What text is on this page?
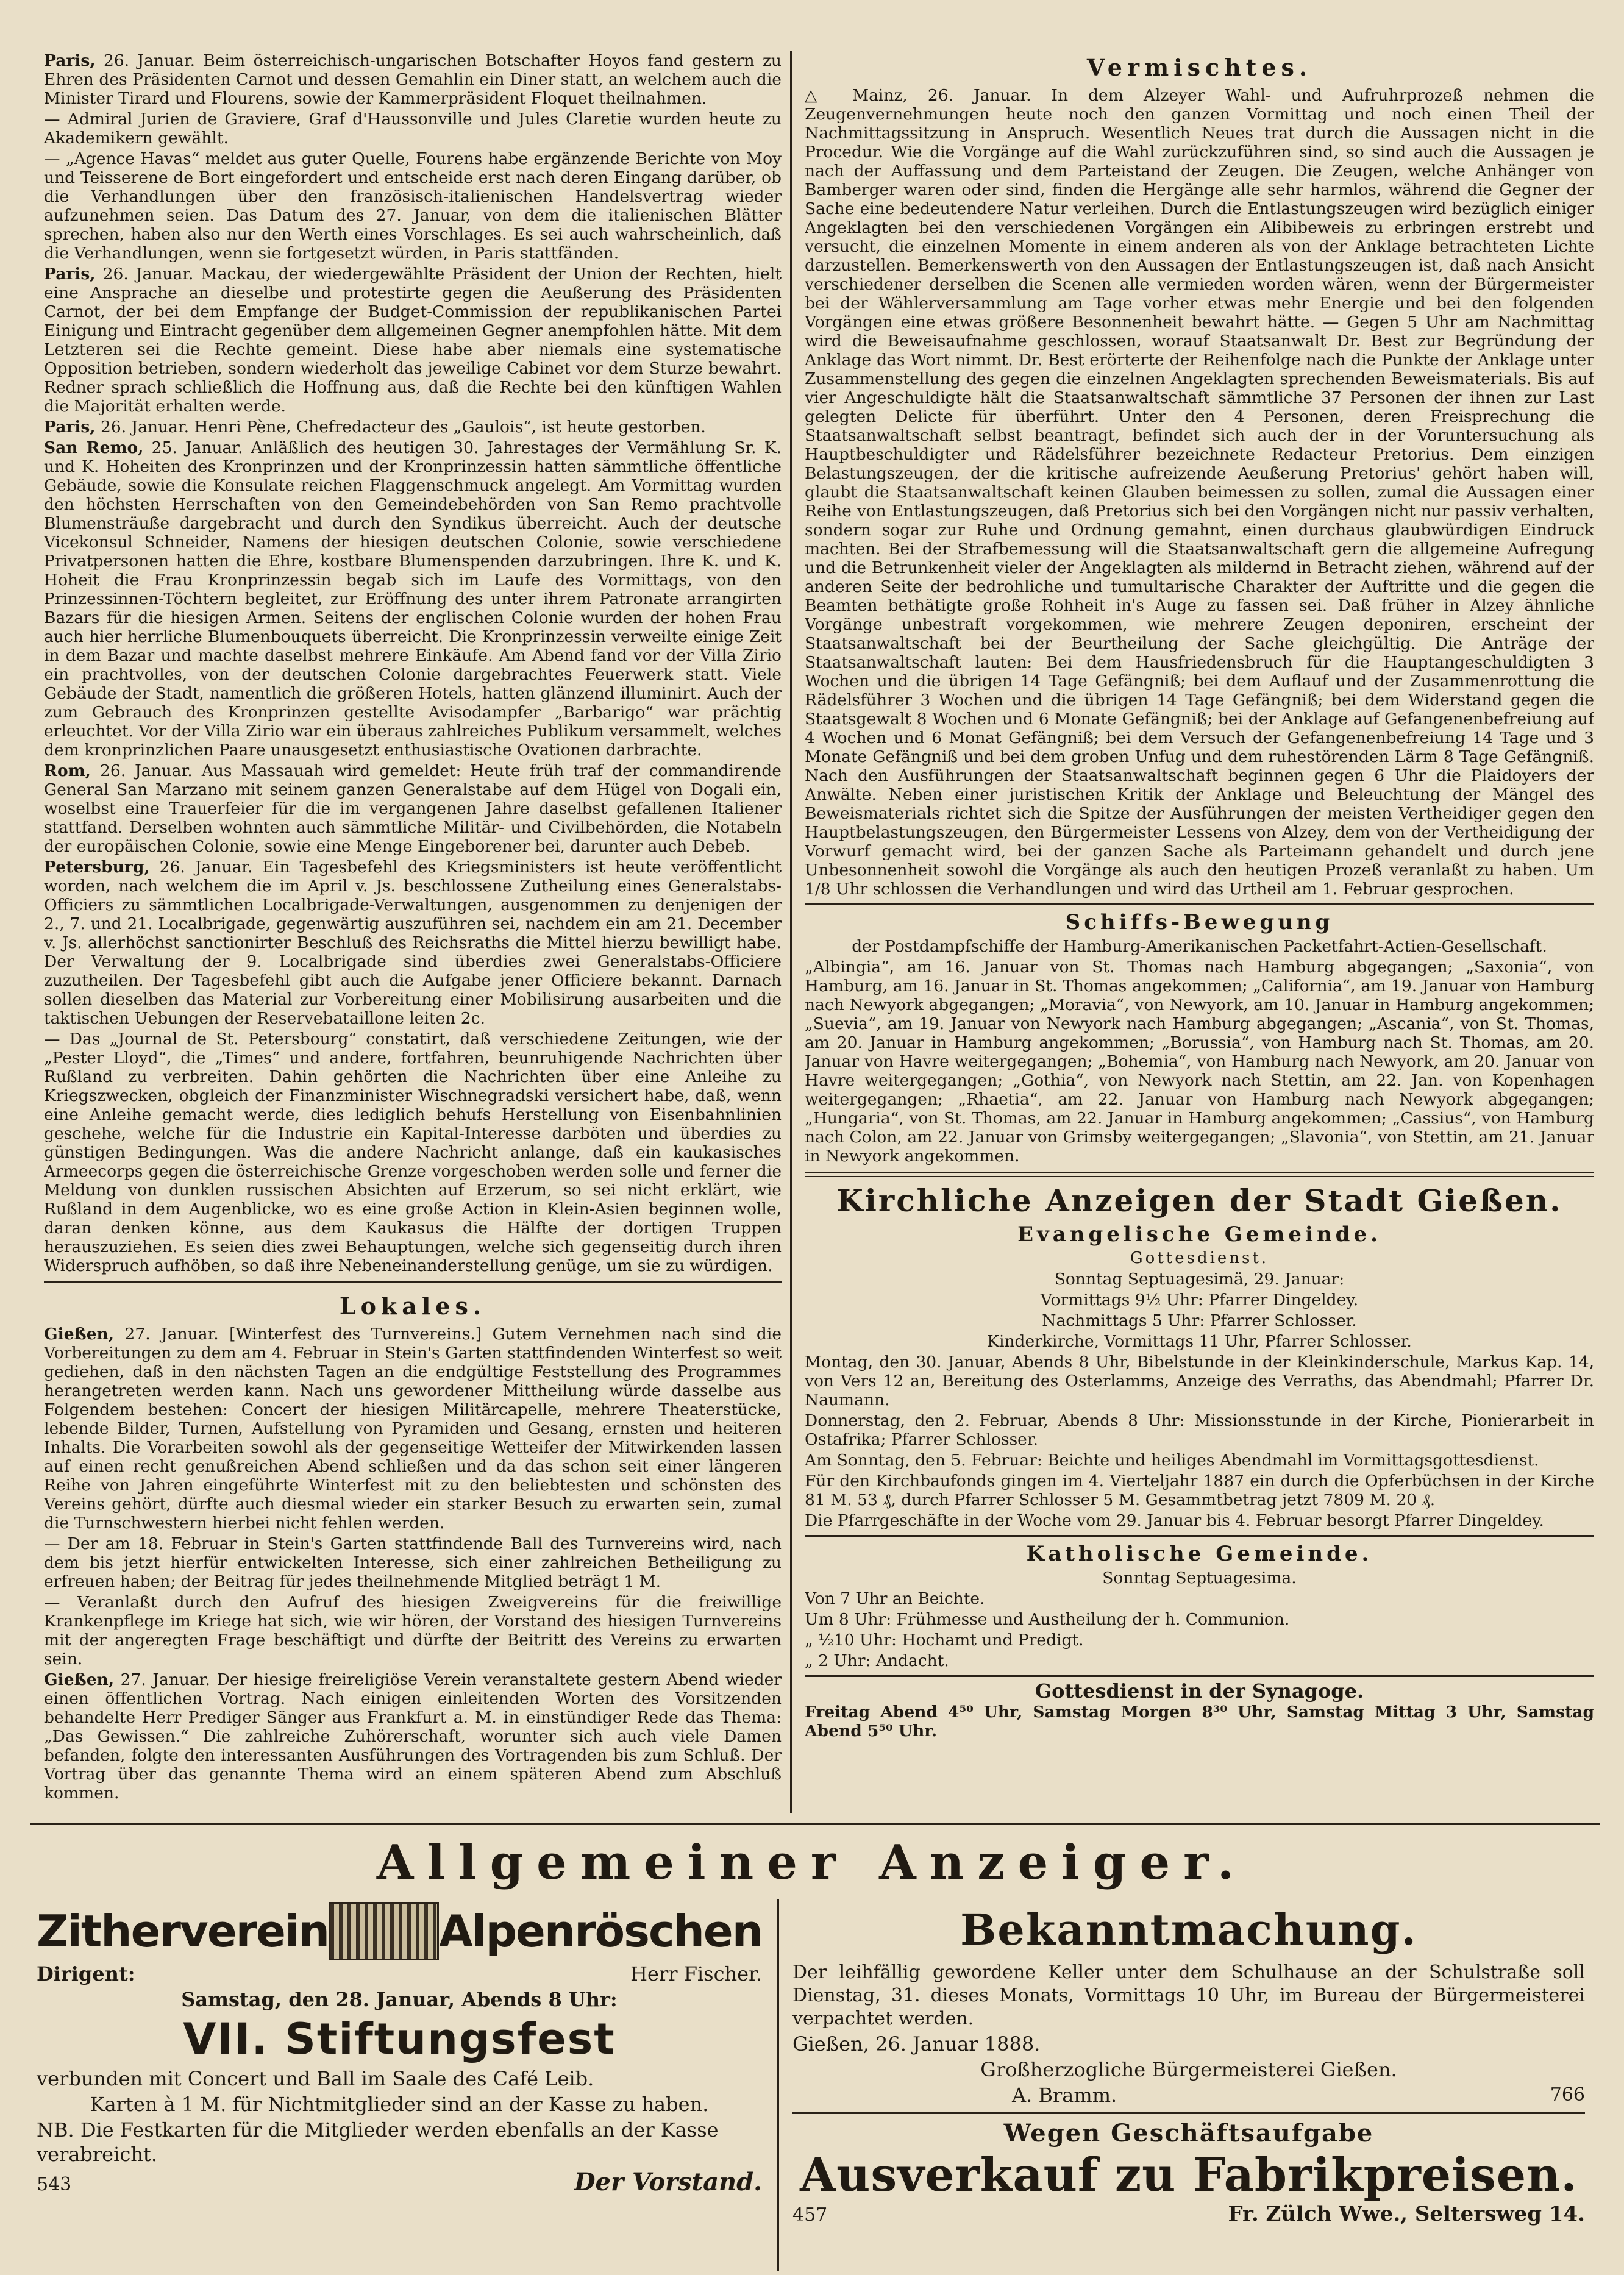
Paris, 26. Januar. Beim österreichisch-ungarischen Botschafter Hoyos fand gestern zu Ehren des Präsidenten Carnot und dessen Gemahlin ein Diner statt, an welchem auch die Minister Tirard und Flourens, sowie der Kammerpräsident Floquet theilnahmen.

— Admiral Jurien de Graviere, Graf d'Haussonville und Jules Claretie wurden heute zu Akademikern gewählt.

— „Agence Havas“ meldet aus guter Quelle, Fourens habe ergänzende Berichte von Moy und Teisserene de Bort eingefordert und entscheide erst nach deren Eingang darüber, ob die Verhandlungen über den französisch-italienischen Handelsvertrag wieder aufzunehmen seien. Das Datum des 27. Januar, von dem die italienischen Blätter sprechen, haben also nur den Werth eines Vorschlages. Es sei auch wahrscheinlich, daß die Verhandlungen, wenn sie fortgesetzt würden, in Paris stattfänden.

Paris, 26. Januar. Mackau, der wiedergewählte Präsident der Union der Rechten, hielt eine Ansprache an dieselbe und protestirte gegen die Aeußerung des Präsidenten Carnot, der bei dem Empfange der Budget-Commission der republikanischen Partei Einigung und Eintracht gegenüber dem allgemeinen Gegner anempfohlen hätte. Mit dem Letzteren sei die Rechte gemeint. Diese habe aber niemals eine systematische Opposition betrieben, sondern wiederholt das jeweilige Cabinet vor dem Sturze bewahrt. Redner sprach schließlich die Hoffnung aus, daß die Rechte bei den künftigen Wahlen die Majorität erhalten werde.

Paris, 26. Januar. Henri Pène, Chefredacteur des „Gaulois“, ist heute gestorben.

San Remo, 25. Januar. Anläßlich des heutigen 30. Jahrestages der Vermählung Sr. K. und K. Hoheiten des Kronprinzen und der Kronprinzessin hatten sämmtliche öffentliche Gebäude, sowie die Konsulate reichen Flaggenschmuck angelegt. Am Vormittag wurden den höchsten Herrschaften von den Gemeindebehörden von San Remo prachtvolle Blumensträuße dargebracht und durch den Syndikus überreicht. Auch der deutsche Vicekonsul Schneider, Namens der hiesigen deutschen Colonie, sowie verschiedene Privatpersonen hatten die Ehre, kostbare Blumenspenden darzubringen. Ihre K. und K. Hoheit die Frau Kronprinzessin begab sich im Laufe des Vormittags, von den Prinzessinnen-Töchtern begleitet, zur Eröffnung des unter ihrem Patronate arrangirten Bazars für die hiesigen Armen. Seitens der englischen Colonie wurden der hohen Frau auch hier herrliche Blumenbouquets überreicht. Die Kronprinzessin verweilte einige Zeit in dem Bazar und machte daselbst mehrere Einkäufe. Am Abend fand vor der Villa Zirio ein prachtvolles, von der deutschen Colonie dargebrachtes Feuerwerk statt. Viele Gebäude der Stadt, namentlich die größeren Hotels, hatten glänzend illuminirt. Auch der zum Gebrauch des Kronprinzen gestellte Avisodampfer „Barbarigo“ war prächtig erleuchtet. Vor der Villa Zirio war ein überaus zahlreiches Publikum versammelt, welches dem kronprinzlichen Paare unausgesetzt enthusiastische Ovationen darbrachte.

Rom, 26. Januar. Aus Massauah wird gemeldet: Heute früh traf der commandirende General San Marzano mit seinem ganzen Generalstabe auf dem Hügel von Dogali ein, woselbst eine Trauerfeier für die im vergangenen Jahre daselbst gefallenen Italiener stattfand. Derselben wohnten auch sämmtliche Militär- und Civilbehörden, die Notabeln der europäischen Colonie, sowie eine Menge Eingeborener bei, darunter auch Debeb.

Petersburg, 26. Januar. Ein Tagesbefehl des Kriegsministers ist heute veröffentlicht worden, nach welchem die im April v. Js. beschlossene Zutheilung eines Generalstabs-Officiers zu sämmtlichen Localbrigade-Verwaltungen, ausgenommen zu denjenigen der 2., 7. und 21. Localbrigade, gegenwärtig auszuführen sei, nachdem ein am 21. December v. Js. allerhöchst sanctionirter Beschluß des Reichsraths die Mittel hierzu bewilligt habe. Der Verwaltung der 9. Localbrigade sind überdies zwei Generalstabs-Officiere zuzutheilen. Der Tagesbefehl gibt auch die Aufgabe jener Officiere bekannt. Darnach sollen dieselben das Material zur Vorbereitung einer Mobilisirung ausarbeiten und die taktischen Uebungen der Reservebataillone leiten 2c.

— Das „Journal de St. Petersbourg“ constatirt, daß verschiedene Zeitungen, wie der „Pester Lloyd“, die „Times“ und andere, fortfahren, beunruhigende Nachrichten über Rußland zu verbreiten. Dahin gehörten die Nachrichten über eine Anleihe zu Kriegszwecken, obgleich der Finanzminister Wischnegradski versichert habe, daß, wenn eine Anleihe gemacht werde, dies lediglich behufs Herstellung von Eisenbahnlinien geschehe, welche für die Industrie ein Kapital-Interesse darböten und überdies zu günstigen Bedingungen. Was die andere Nachricht anlange, daß ein kaukasisches Armeecorps gegen die österreichische Grenze vorgeschoben werden solle und ferner die Meldung von dunklen russischen Absichten auf Erzerum, so sei nicht erklärt, wie Rußland in dem Augenblicke, wo es eine große Action in Klein-Asien beginnen wolle, daran denken könne, aus dem Kaukasus die Hälfte der dortigen Truppen herauszuziehen. Es seien dies zwei Behauptungen, welche sich gegenseitig durch ihren Widerspruch aufhöben, so daß ihre Nebeneinanderstellung genüge, um sie zu würdigen.

Lokales.

Gießen, 27. Januar. [Winterfest des Turnvereins.] Gutem Vernehmen nach sind die Vorbereitungen zu dem am 4. Februar in Stein's Garten stattfindenden Winterfest so weit gediehen, daß in den nächsten Tagen an die endgültige Feststellung des Programmes herangetreten werden kann. Nach uns gewordener Mittheilung würde dasselbe aus Folgendem bestehen: Concert der hiesigen Militärcapelle, mehrere Theaterstücke, lebende Bilder, Turnen, Aufstellung von Pyramiden und Gesang, ernsten und heiteren Inhalts. Die Vorarbeiten sowohl als der gegenseitige Wetteifer der Mitwirkenden lassen auf einen recht genußreichen Abend schließen und da das schon seit einer längeren Reihe von Jahren eingeführte Winterfest mit zu den beliebtesten und schönsten des Vereins gehört, dürfte auch diesmal wieder ein starker Besuch zu erwarten sein, zumal die Turnschwestern hierbei nicht fehlen werden.

— Der am 18. Februar in Stein's Garten stattfindende Ball des Turnvereins wird, nach dem bis jetzt hierfür entwickelten Interesse, sich einer zahlreichen Betheiligung zu erfreuen haben; der Beitrag für jedes theilnehmende Mitglied beträgt 1 M.

— Veranlaßt durch den Aufruf des hiesigen Zweigvereins für die freiwillige Krankenpflege im Kriege hat sich, wie wir hören, der Vorstand des hiesigen Turnvereins mit der angeregten Frage beschäftigt und dürfte der Beitritt des Vereins zu erwarten sein.

Gießen, 27. Januar. Der hiesige freireligiöse Verein veranstaltete gestern Abend wieder einen öffentlichen Vortrag. Nach einigen einleitenden Worten des Vorsitzenden behandelte Herr Prediger Sänger aus Frankfurt a. M. in einstündiger Rede das Thema: „Das Gewissen.“ Die zahlreiche Zuhörerschaft, worunter sich auch viele Damen befanden, folgte den interessanten Ausführungen des Vortragenden bis zum Schluß. Der Vortrag über das genannte Thema wird an einem späteren Abend zum Abschluß kommen.

Vermischtes.

△ Mainz, 26. Januar. In dem Alzeyer Wahl- und Aufruhrprozeß nehmen die Zeugenvernehmungen heute noch den ganzen Vormittag und noch einen Theil der Nachmittagssitzung in Anspruch. Wesentlich Neues trat durch die Aussagen nicht in die Procedur. Wie die Vorgänge auf die Wahl zurückzuführen sind, so sind auch die Aussagen je nach der Auffassung und dem Parteistand der Zeugen. Die Zeugen, welche Anhänger von Bamberger waren oder sind, finden die Hergänge alle sehr harmlos, während die Gegner der Sache eine bedeutendere Natur verleihen. Durch die Entlastungszeugen wird bezüglich einiger Angeklagten bei den verschiedenen Vorgängen ein Alibibeweis zu erbringen erstrebt und versucht, die einzelnen Momente in einem anderen als von der Anklage betrachteten Lichte darzustellen. Bemerkenswerth von den Aussagen der Entlastungszeugen ist, daß nach Ansicht verschiedener derselben die Scenen alle vermieden worden wären, wenn der Bürgermeister bei der Wählerversammlung am Tage vorher etwas mehr Energie und bei den folgenden Vorgängen eine etwas größere Besonnenheit bewahrt hätte. — Gegen 5 Uhr am Nachmittag wird die Beweisaufnahme geschlossen, worauf Staatsanwalt Dr. Best zur Begründung der Anklage das Wort nimmt. Dr. Best erörterte der Reihenfolge nach die Punkte der Anklage unter Zusammenstellung des gegen die einzelnen Angeklagten sprechenden Beweismaterials. Bis auf vier Angeschuldigte hält die Staatsanwaltschaft sämmtliche 37 Personen der ihnen zur Last gelegten Delicte für überführt. Unter den 4 Personen, deren Freisprechung die Staatsanwaltschaft selbst beantragt, befindet sich auch der in der Voruntersuchung als Hauptbeschuldigter und Rädelsführer bezeichnete Redacteur Pretorius. Dem einzigen Belastungszeugen, der die kritische aufreizende Aeußerung Pretorius' gehört haben will, glaubt die Staatsanwaltschaft keinen Glauben beimessen zu sollen, zumal die Aussagen einer Reihe von Entlastungszeugen, daß Pretorius sich bei den Vorgängen nicht nur passiv verhalten, sondern sogar zur Ruhe und Ordnung gemahnt, einen durchaus glaubwürdigen Eindruck machten. Bei der Strafbemessung will die Staatsanwaltschaft gern die allgemeine Aufregung und die Betrunkenheit vieler der Angeklagten als mildernd in Betracht ziehen, während auf der anderen Seite der bedrohliche und tumultarische Charakter der Auftritte und die gegen die Beamten bethätigte große Rohheit in's Auge zu fassen sei. Daß früher in Alzey ähnliche Vorgänge unbestraft vorgekommen, wie mehrere Zeugen deponiren, erscheint der Staatsanwaltschaft bei der Beurtheilung der Sache gleichgültig. Die Anträge der Staatsanwaltschaft lauten: Bei dem Hausfriedensbruch für die Hauptangeschuldigten 3 Wochen und die übrigen 14 Tage Gefängniß; bei dem Auflauf und der Zusammenrottung die Rädelsführer 3 Wochen und die übrigen 14 Tage Gefängniß; bei dem Widerstand gegen die Staatsgewalt 8 Wochen und 6 Monate Gefängniß; bei der Anklage auf Gefangenenbefreiung auf 4 Wochen und 6 Monat Gefängniß; bei dem Versuch der Gefangenenbefreiung 14 Tage und 3 Monate Gefängniß und bei dem groben Unfug und dem ruhestörenden Lärm 8 Tage Gefängniß. Nach den Ausführungen der Staatsanwaltschaft beginnen gegen 6 Uhr die Plaidoyers der Anwälte. Neben einer juristischen Kritik der Anklage und Beleuchtung der Mängel des Beweismaterials richtet sich die Spitze der Ausführungen der meisten Vertheidiger gegen den Hauptbelastungszeugen, den Bürgermeister Lessens von Alzey, dem von der Vertheidigung der Vorwurf gemacht wird, bei der ganzen Sache als Parteimann gehandelt und durch jene Unbesonnenheit sowohl die Vorgänge als auch den heutigen Prozeß veranlaßt zu haben. Um 1/8 Uhr schlossen die Verhandlungen und wird das Urtheil am 1. Februar gesprochen.

Schiffs-Bewegung

der Postdampfschiffe der Hamburg-Amerikanischen Packetfahrt-Actien-Gesellschaft.

„Albingia“, am 16. Januar von St. Thomas nach Hamburg abgegangen; „Saxonia“, von Hamburg, am 16. Januar in St. Thomas angekommen; „California“, am 19. Januar von Hamburg nach Newyork abgegangen; „Moravia“, von Newyork, am 10. Januar in Hamburg angekommen; „Suevia“, am 19. Januar von Newyork nach Hamburg abgegangen; „Ascania“, von St. Thomas, am 20. Januar in Hamburg angekommen; „Borussia“, von Hamburg nach St. Thomas, am 20. Januar von Havre weitergegangen; „Bohemia“, von Hamburg nach Newyork, am 20. Januar von Havre weitergegangen; „Gothia“, von Newyork nach Stettin, am 22. Jan. von Kopenhagen weitergegangen; „Rhaetia“, am 22. Januar von Hamburg nach Newyork abgegangen; „Hungaria“, von St. Thomas, am 22. Januar in Hamburg angekommen; „Cassius“, von Hamburg nach Colon, am 22. Januar von Grimsby weitergegangen; „Slavonia“, von Stettin, am 21. Januar in Newyork angekommen.

Kirchliche Anzeigen der Stadt Gießen.
Evangelische Gemeinde.
Gottesdienst.

Sonntag Septuagesimä, 29. Januar:

Vormittags 9½ Uhr: Pfarrer Dingeldey.

Nachmittags 5 Uhr: Pfarrer Schlosser.

Kinderkirche, Vormittags 11 Uhr, Pfarrer Schlosser.

Montag, den 30. Januar, Abends 8 Uhr, Bibelstunde in der Kleinkinderschule, Markus Kap. 14, von Vers 12 an, Bereitung des Osterlamms, Anzeige des Verraths, das Abendmahl; Pfarrer Dr. Naumann.

Donnerstag, den 2. Februar, Abends 8 Uhr: Missionsstunde in der Kirche, Pionierarbeit in Ostafrika; Pfarrer Schlosser.

Am Sonntag, den 5. Februar: Beichte und heiliges Abendmahl im Vormittagsgottesdienst.

Für den Kirchbaufonds gingen im 4. Vierteljahr 1887 ein durch die Opferbüchsen in der Kirche 81 M. 53 ₰, durch Pfarrer Schlosser 5 M. Gesammtbetrag jetzt 7809 M. 20 ₰.

Die Pfarrgeschäfte in der Woche vom 29. Januar bis 4. Februar besorgt Pfarrer Dingeldey.

Katholische Gemeinde.

Sonntag Septuagesima.

Von 7 Uhr an Beichte.

Um 8 Uhr: Frühmesse und Austheilung der h. Communion.

„ ½10 Uhr: Hochamt und Predigt.

„ 2 Uhr: Andacht.

Gottesdienst in der Synagoge.

Freitag Abend 4⁵⁰ Uhr, Samstag Morgen 8³⁰ Uhr, Samstag Mittag 3 Uhr, Samstag Abend 5⁵⁰ Uhr.

Allgemeiner Anzeiger.
Zitherverein	Alpenröschen
Dirigent:	Herr Fischer.
Samstag, den 28. Januar, Abends 8 Uhr:
VII. Stiftungsfest
verbunden mit Concert und Ball im Saale des Café Leib.
Karten à 1 M. für Nichtmitglieder sind an der Kasse zu haben.
NB. Die Festkarten für die Mitglieder werden ebenfalls an der Kasse verabreicht.
543	Der Vorstand.
Bekanntmachung.

Der leihfällig gewordene Keller unter dem Schulhause an der Schulstraße soll Dienstag, 31. dieses Monats, Vormittags 10 Uhr, im Bureau der Bürgermeisterei verpachtet werden.

Gießen, 26. Januar 1888.
Großherzogliche Bürgermeisterei Gießen.
A. Bramm.	766
Wegen Geschäftsaufgabe
Ausverkauf zu Fabrikpreisen.
457	Fr. Zülch Wwe., Seltersweg 14.
